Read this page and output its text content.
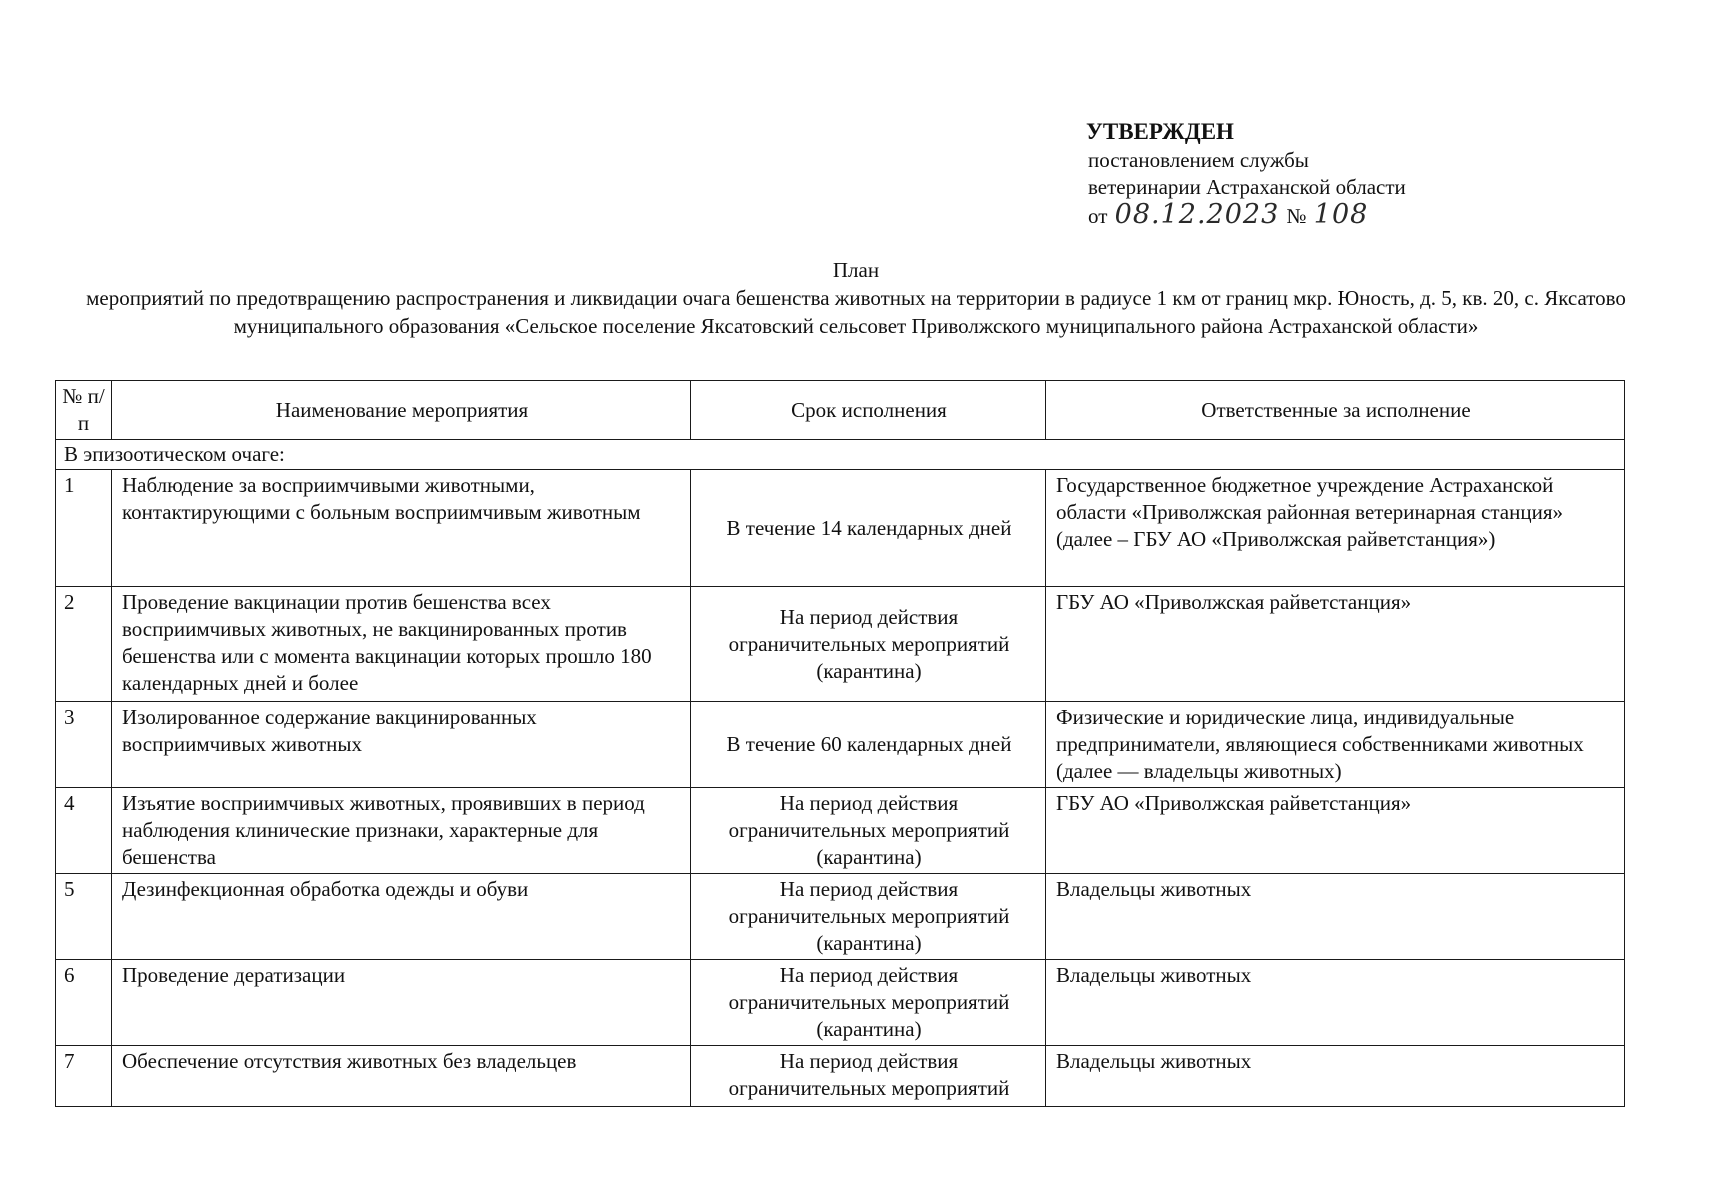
УТВЕРЖДЕН
постановлением службы
ветеринарии Астраханской области
от 08.12.2023 № 108
План
мероприятий по предотвращению распространения и ликвидации очага бешенства животных на территории в радиусе 1 км от границ мкр. Юность, д. 5, кв. 20, с. Яксатово муниципального образования «Сельское поселение Яксатовский сельсовет Приволжского муниципального района Астраханской области»
№ п/п	Наименование мероприятия	Срок исполнения	Ответственные за исполнение
В эпизоотическом очаге:			
1	Наблюдение за восприимчивыми животными, контактирующими с больным восприимчивым животным	В течение 14 календарных дней	Государственное бюджетное учреждение Астраханской области «Приволжская районная ветеринарная станция» (далее – ГБУ АО «Приволжская райветстанция»)
2	Проведение вакцинации против бешенства всех восприимчивых животных, не вакцинированных против бешенства или с момента вакцинации которых прошло 180 календарных дней и более	На период действия ограничительных мероприятий (карантина)	ГБУ АО «Приволжская райветстанция»
3	Изолированное содержание вакцинированных восприимчивых животных	В течение 60 календарных дней	Физические и юридические лица, индивидуальные предприниматели, являющиеся собственниками животных (далее — владельцы животных)
4	Изъятие восприимчивых животных, проявивших в период наблюдения клинические признаки, характерные для бешенства	На период действия ограничительных мероприятий (карантина)	ГБУ АО «Приволжская райветстанция»
5	Дезинфекционная обработка одежды и обуви	На период действия ограничительных мероприятий (карантина)	Владельцы животных
6	Проведение дератизации	На период действия ограничительных мероприятий (карантина)	Владельцы животных
7	Обеспечение отсутствия животных без владельцев	На период действия ограничительных мероприятий	Владельцы животных
